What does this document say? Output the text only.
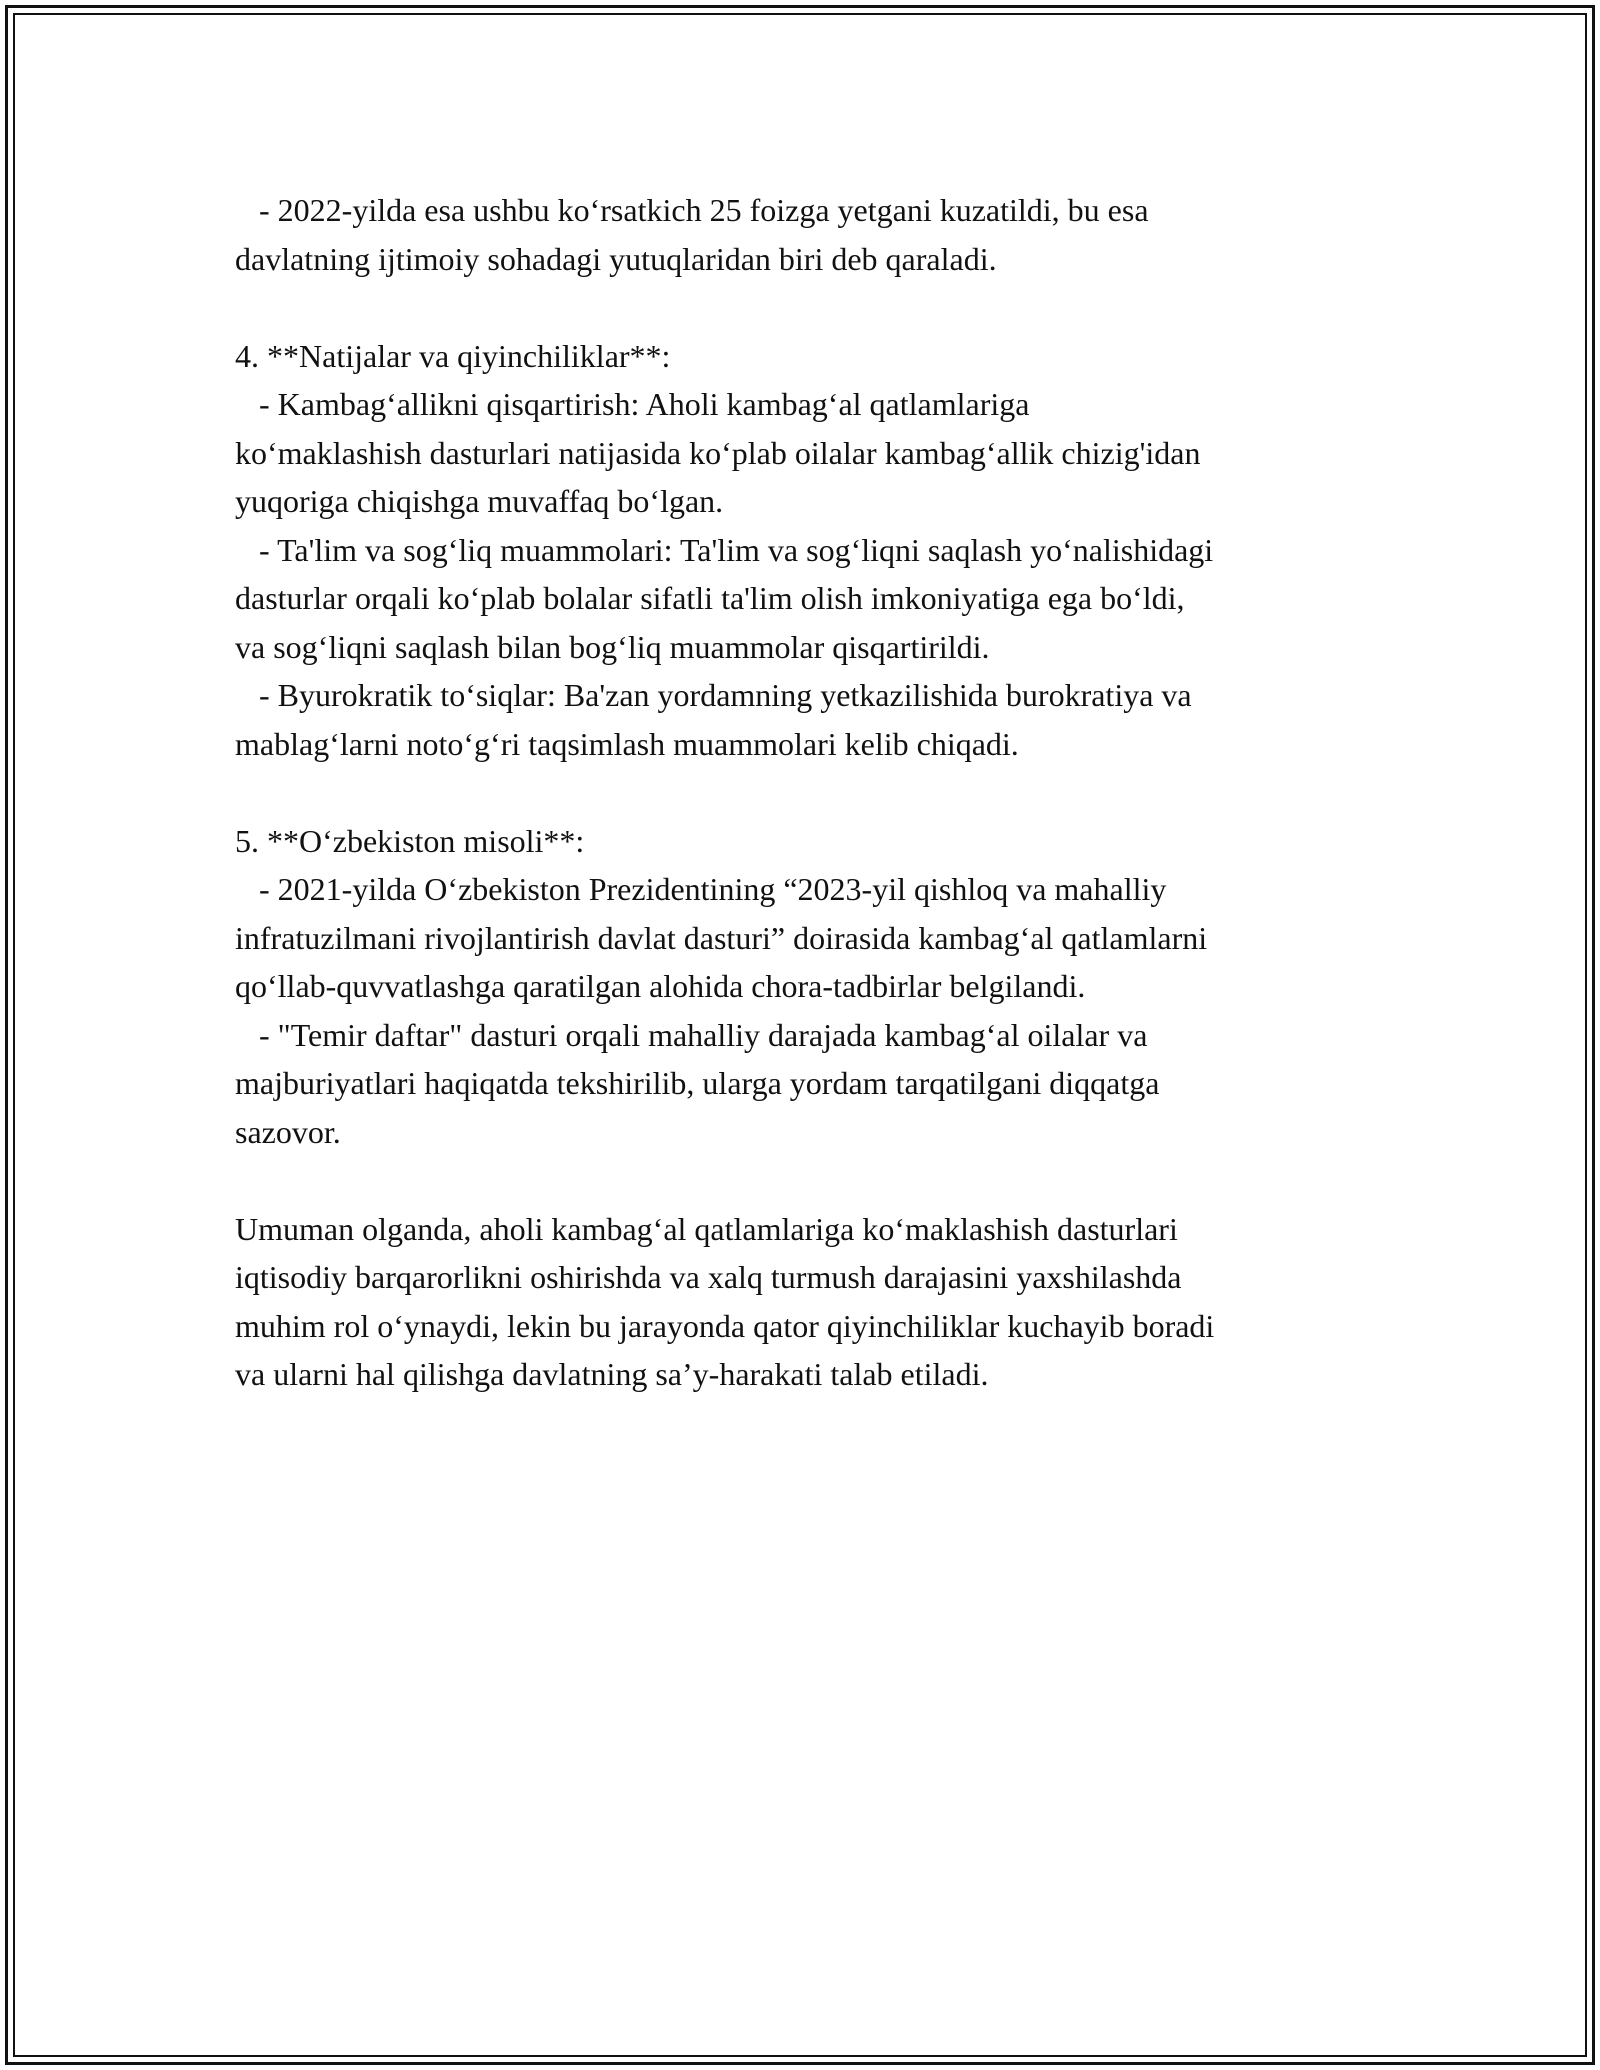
- 2022-yilda esa ushbu koʻrsatkich 25 foizga yetgani kuzatildi, bu esa

davlatning ijtimoiy sohadagi yutuqlaridan biri deb qaraladi.

4. **Natijalar va qiyinchiliklar**:

- Kambagʻallikni qisqartirish: Aholi kambagʻal qatlamlariga

koʻmaklashish dasturlari natijasida koʻplab oilalar kambagʻallik chizig'idan

yuqoriga chiqishga muvaffaq boʻlgan.

- Ta'lim va sogʻliq muammolari: Ta'lim va sogʻliqni saqlash yoʻnalishidagi

dasturlar orqali koʻplab bolalar sifatli ta'lim olish imkoniyatiga ega boʻldi,

va sogʻliqni saqlash bilan bogʻliq muammolar qisqartirildi.

- Byurokratik toʻsiqlar: Ba'zan yordamning yetkazilishida burokratiya va

mablagʻlarni notoʻgʻri taqsimlash muammolari kelib chiqadi.

5. **Oʻzbekiston misoli**:

- 2021-yilda Oʻzbekiston Prezidentining “2023-yil qishloq va mahalliy

infratuzilmani rivojlantirish davlat dasturi” doirasida kambagʻal qatlamlarni

qoʻllab-quvvatlashga qaratilgan alohida chora-tadbirlar belgilandi.

- "Temir daftar" dasturi orqali mahalliy darajada kambagʻal oilalar va

majburiyatlari haqiqatda tekshirilib, ularga yordam tarqatilgani diqqatga

sazovor.

Umuman olganda, aholi kambagʻal qatlamlariga koʻmaklashish dasturlari

iqtisodiy barqarorlikni oshirishda va xalq turmush darajasini yaxshilashda

muhim rol oʻynaydi, lekin bu jarayonda qator qiyinchiliklar kuchayib boradi

va ularni hal qilishga davlatning sa’y-harakati talab etiladi.
